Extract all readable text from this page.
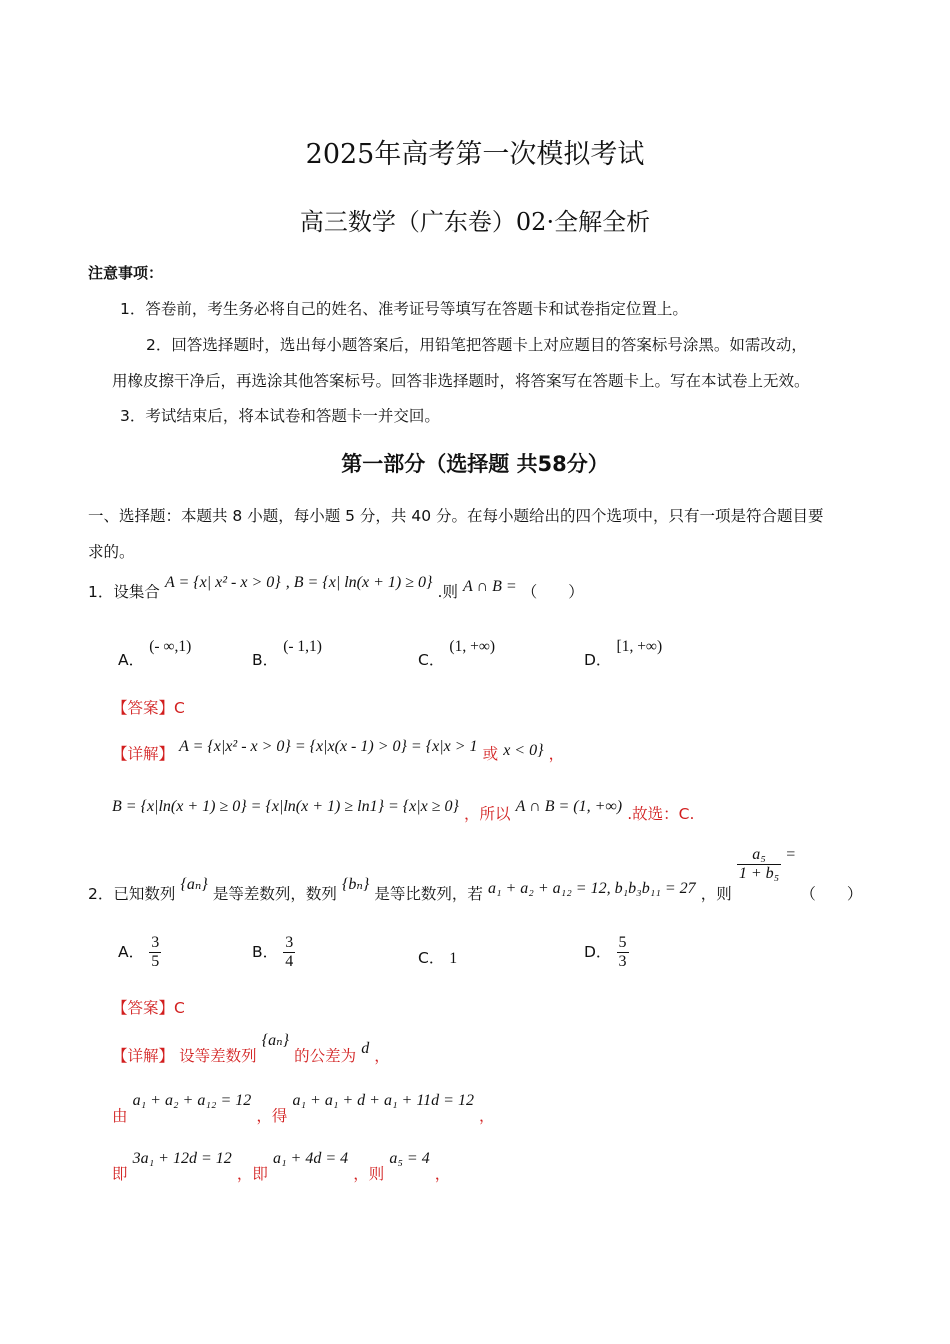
2025年高考第一次模拟考试
高三数学（广东卷）02·全解全析
注意事项：
1．答卷前，考生务必将自己的姓名、准考证号等填写在答题卡和试卷指定位置上。
2．回答选择题时，选出每小题答案后，用铅笔把答题卡上对应题目的答案标号涂黑。如需改动，
用橡皮擦干净后，再选涂其他答案标号。回答非选择题时，将答案写在答题卡上。写在本试卷上无效。
3．考试结束后，将本试卷和答题卡一并交回。
第一部分（选择题 共58分）
一、选择题：本题共 8 小题，每小题 5 分，共 40 分。在每小题给出的四个选项中，只有一项是符合题目要
求的。
1．设集合 A = {x| x² - x > 0} , B = {x| ln(x + 1) ≥ 0} .则 A ∩ B = （　　）
A． (- ∞,1)
B． (- 1,1)
C． (1, +∞)
D． [1, +∞)
【答案】C
【详解】 A = {x|x² - x > 0} = {x|x(x - 1) > 0} = {x|x > 1 或 x < 0} ，
B = {x|ln(x + 1) ≥ 0} = {x|ln(x + 1) ≥ ln1} = {x|x ≥ 0} ，所以 A ∩ B = (1, +∞) .故选：C.
2．已知数列 {aₙ} 是等差数列，数列 {bₙ} 是等比数列，若 a₁ + a₂ + a₁₂ = 12, b₁b₃b₁₁ = 27 ，则
$\frac{\text{a₅}}{\text{1 + b₅}}$ = （　　）
A． $\frac{3}{5}$	B． $\frac{3}{4}$	C． 1	D． $\frac{5}{3}$
【答案】C
【详解】 设等差数列 {aₙ} 的公差为 d ，
由 a₁ + a₂ + a₁₂ = 12 ，得 a₁ + a₁ + d + a₁ + 11d = 12 ，
即 3a₁ + 12d = 12 ，即 a₁ + 4d = 4 ，则 a₅ = 4 ，
